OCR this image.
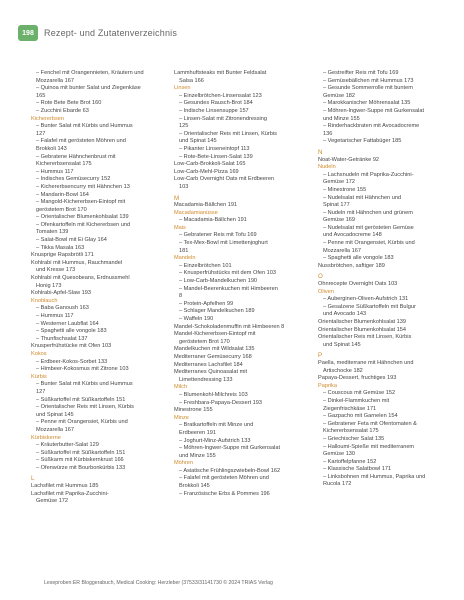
198	Rezept- und Zutatenverzeichnis
– Fenchel mit Orangennieten, Kräutern und
Mozzarella 167
– Quinoa mit bunter Salat und Ziegenkäse
165
– Rote Bete Bete Brot 160
– Zucchini Ebarde 63
Kichererbsen
– Bunter Salat mit Kürbis und Hummus
127
– Falafel mit gerösteten Möhren und
Brokkoli 143
– Gebratene Hähnchenbrust mit
Kichererbsensalat 175
– Hummus 117
– Indisches Gemüsecurry 152
– Kichererbsencurry mit Hähnchen 13
– Mandarin-Bowl 164
– Mangold-Kichererbsen-Eintopf mit
geröstetem Brot 170
– Orientalischer Blumenkohlsalat 139
– Ofenkartoffeln mit Kichererbsen und
Tomaten 139
– Salat-Bowl mit Ei Glay 164
– Tikka Masala 163
Knusprige Rapsbrötli 171
Kohlrabi mit Hummus, Rauchmandel
und Kresse 173
Kohlrabi mit Quesobeans, Erdnussmehl
Honig 173
Kohlrabi-Apfel-Slaw 193
Knoblauch
– Baba Ganoush 163
– Hummus 117
– Westerner Laubflat 164
– Spaghetti alle vongole 183
– Thunfischsalat 137
Knusperfrühstücke mit Ofen 103
Kokos
– Erdbeer-Kokos-Sorbet 133
– Himbeer-Kokosmus mit Zitrone 103
Kürbis
– Bunter Salat mit Kürbis und Hummus
127
– Süßkartoffel mit Süßkartoffeln 151
– Orientalischer Reis mit Linsen, Kürbis
und Spinat 145
– Penne mit Orangensiet, Kürbis und
Mozzarella 167
Kürbiskerne
– Kräuterbutter-Salat 129
– Süßkartoffel mit Süßkartoffeln 151
– Süßkarm mit Kürbiskernkrust 166
– Ofenwürze mit Bourbonkürbis 133
L
Lachsfilet mit Hummus 185
Lachsfilet mit Paprika-Zucchini-
Gemüse 172
Lammhuftsteaks mit Bunter Feldsalat
Salsa 166
Linsen
– Einzelbrötchen-Linsensalat 123
– Gesundes Rausch-Brot 184
– Indische Linsensuppe 157
– Linsen-Salat mit Zitronendressing
125
– Orientalischer Reis mit Linsen, Kürbis
und Spinat 145
– Pikanter Linseneintopf 113
– Rote-Bete-Linsen-Salat 139
Low-Carb-Brokkoli-Salat 165
Low-Carb-Mehl-Pizza 169
Low-Carb Overnight Oats mit Erdbeeren
103
M
Macadamia-Bällchen 191
Macadamianüsse
– Macadamia-Bällchen 191
Mais
– Gebratener Reis mit Tofu 169
– Tex-Mex-Bowl mit Limettenjoghurt
181
Mandeln
– Einzelbrötchen 101
– Knusperfrühstücks mit dem Ofen 103
– Low-Carb-Mandelkuchen 190
– Mandel-Beerenkuchen mit Himbeeren
8
– Protein-Apfelhen 99
– Schlager Mandelkuchen 189
– Waffeln 190
Mandel-Schokoladenmuffin mit Himbeeren 8
Mandel-Kichererbsen-Eintopf mit
geröstetem Brot 170
Mandelkuchen mit Wildsalat 135
Mediterraner Gemüsecurry 168
Mediterranes Lachsfilet 184
Mediterranes Quinoasalat mit
Limettendressing 133
Milch
– Blumenkohl-Milchreis 103
– Freshbara-Papaya-Dessert 193
Minestrone 155
Minze
– Bratkartoffeln mit Minze und
Erdbeeren 191
– Joghurt-Minz-Aufstrich 133
– Möhren-Ingwer-Suppe mit Gurkensalat
und Minze 155
Möhren
– Asiatische Frühlingszwiebeln-Bowl 162
– Falafel mit gerösteten Möhren und
Brokkoli 145
– Französische Erbs & Pommes 196
– Gestreifter Reis mit Tofu 169
– Gemüsebällchen mit Hummus 173
– Gesunde Sommerrolle mit buntem
Gemüse 182
– Marokkanischer Möhrensalat 135
– Möhren-Ingwer-Suppe mit Gurkensalat
und Minze 155
– Rinderhackbraten mit Avocadocreme
136
– Vegetarischer Fattabüger 185
N
Noat-Water-Getränke 92
Nudeln
– Lachsnudeln mit Paprika-Zucchini-
Gemüse 172
– Minestrone 155
– Nudelsalat mit Hähnchen und
Spinat 177
– Nudeln mit Hähnchen und grünem
Gemüse 169
– Nudelsalat mit gerösteten Gemüse
und Avocadocreme 148
– Penne mit Orangensiet, Kürbis und
Mozzarella 167
– Spaghetti alle vongole 183
Nussbrötchen, saftiger 189
O
Ohnrecepte Overnight Oats 103
Oliven
– Auberginen-Oliven-Aufstrich 131
– Gesalzene Süßkartoffeln mit Bulgur
und Avocado 143
Orientalischer Blumenkohlsalat 139
Orientalischer Blumenkohlsalat 154
Orientalischer Reis mit Linsen, Kürbis
und Spinat 145
P
Paella, mediterrane mit Hähnchen und
Artischocke 182
Papaya-Dessert, fruchtiges 193
Paprika
– Couscous mit Gemüse 152
– Dinkel-Flammkuchen mit
Ziegenfrischkäse 171
– Gazpacho mit Garnelen 154
– Gebratener Feta mit Ofentomaten &
Kichererbsensalat 175
– Griechischer Salat 135
– Halloumi-Spieße mit mediterranem
Gemüse 130
– Kartoffelpfanne 152
– Klassische Salatbowl 171
– Linksbohnen mit Hummus, Paprika und
Rucola 172
Leseproben:ER Bloggerabuch, Medical Cooking: Herzleber (37533/31141730 © 2024 TRIAS Verlag
